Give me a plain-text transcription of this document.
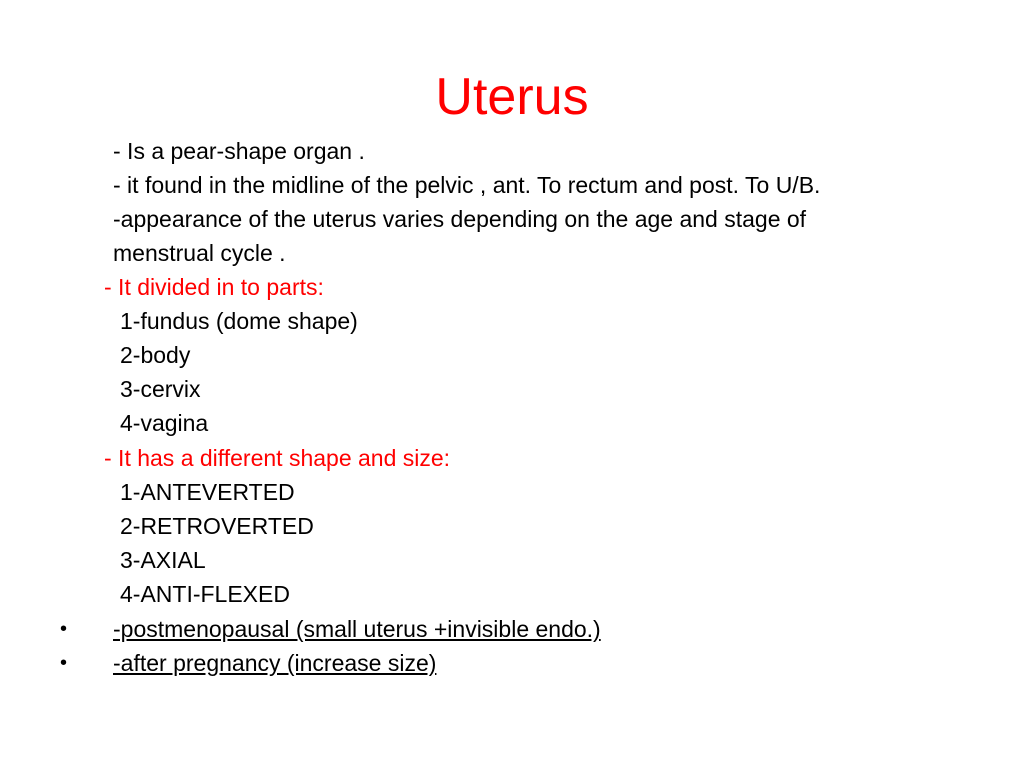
Uterus
- Is a pear-shape organ .
- it found in the midline of the pelvic , ant. To rectum and post. To U/B.
-appearance of the uterus varies depending on the age and stage of
menstrual cycle .
- It divided in to parts:
1-fundus (dome shape)
2-body
3-cervix
4-vagina
- It has a different shape and size:
1-ANTEVERTED
2-RETROVERTED
3-AXIAL
4-ANTI-FLEXED
• -postmenopausal (small uterus +invisible endo.)
• -after pregnancy (increase size)
